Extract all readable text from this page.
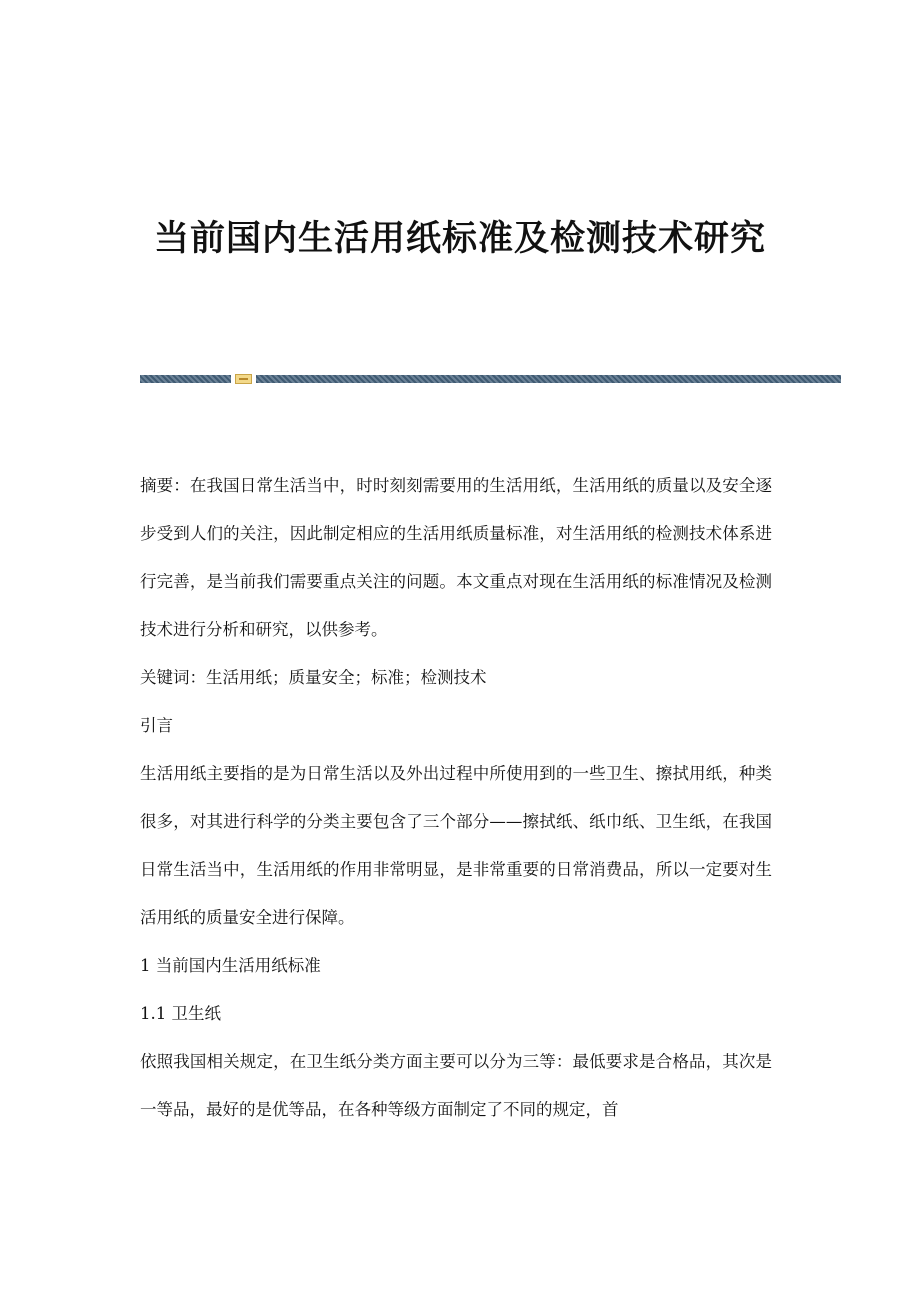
当前国内生活用纸标准及检测技术研究

摘要：在我国日常生活当中，时时刻刻需要用的生活用纸，生活用纸的质量以及安全逐步受到人们的关注，因此制定相应的生活用纸质量标准，对生活用纸的检测技术体系进行完善，是当前我们需要重点关注的问题。本文重点对现在生活用纸的标准情况及检测技术进行分析和研究，以供参考。

关键词：生活用纸；质量安全；标准；检测技术

引言

生活用纸主要指的是为日常生活以及外出过程中所使用到的一些卫生、擦拭用纸，种类很多，对其进行科学的分类主要包含了三个部分——擦拭纸、纸巾纸、卫生纸，在我国日常生活当中，生活用纸的作用非常明显，是非常重要的日常消费品，所以一定要对生活用纸的质量安全进行保障。

1 当前国内生活用纸标准

1.1 卫生纸

依照我国相关规定，在卫生纸分类方面主要可以分为三等：最低要求是合格品，其次是一等品，最好的是优等品，在各种等级方面制定了不同的规定，首
